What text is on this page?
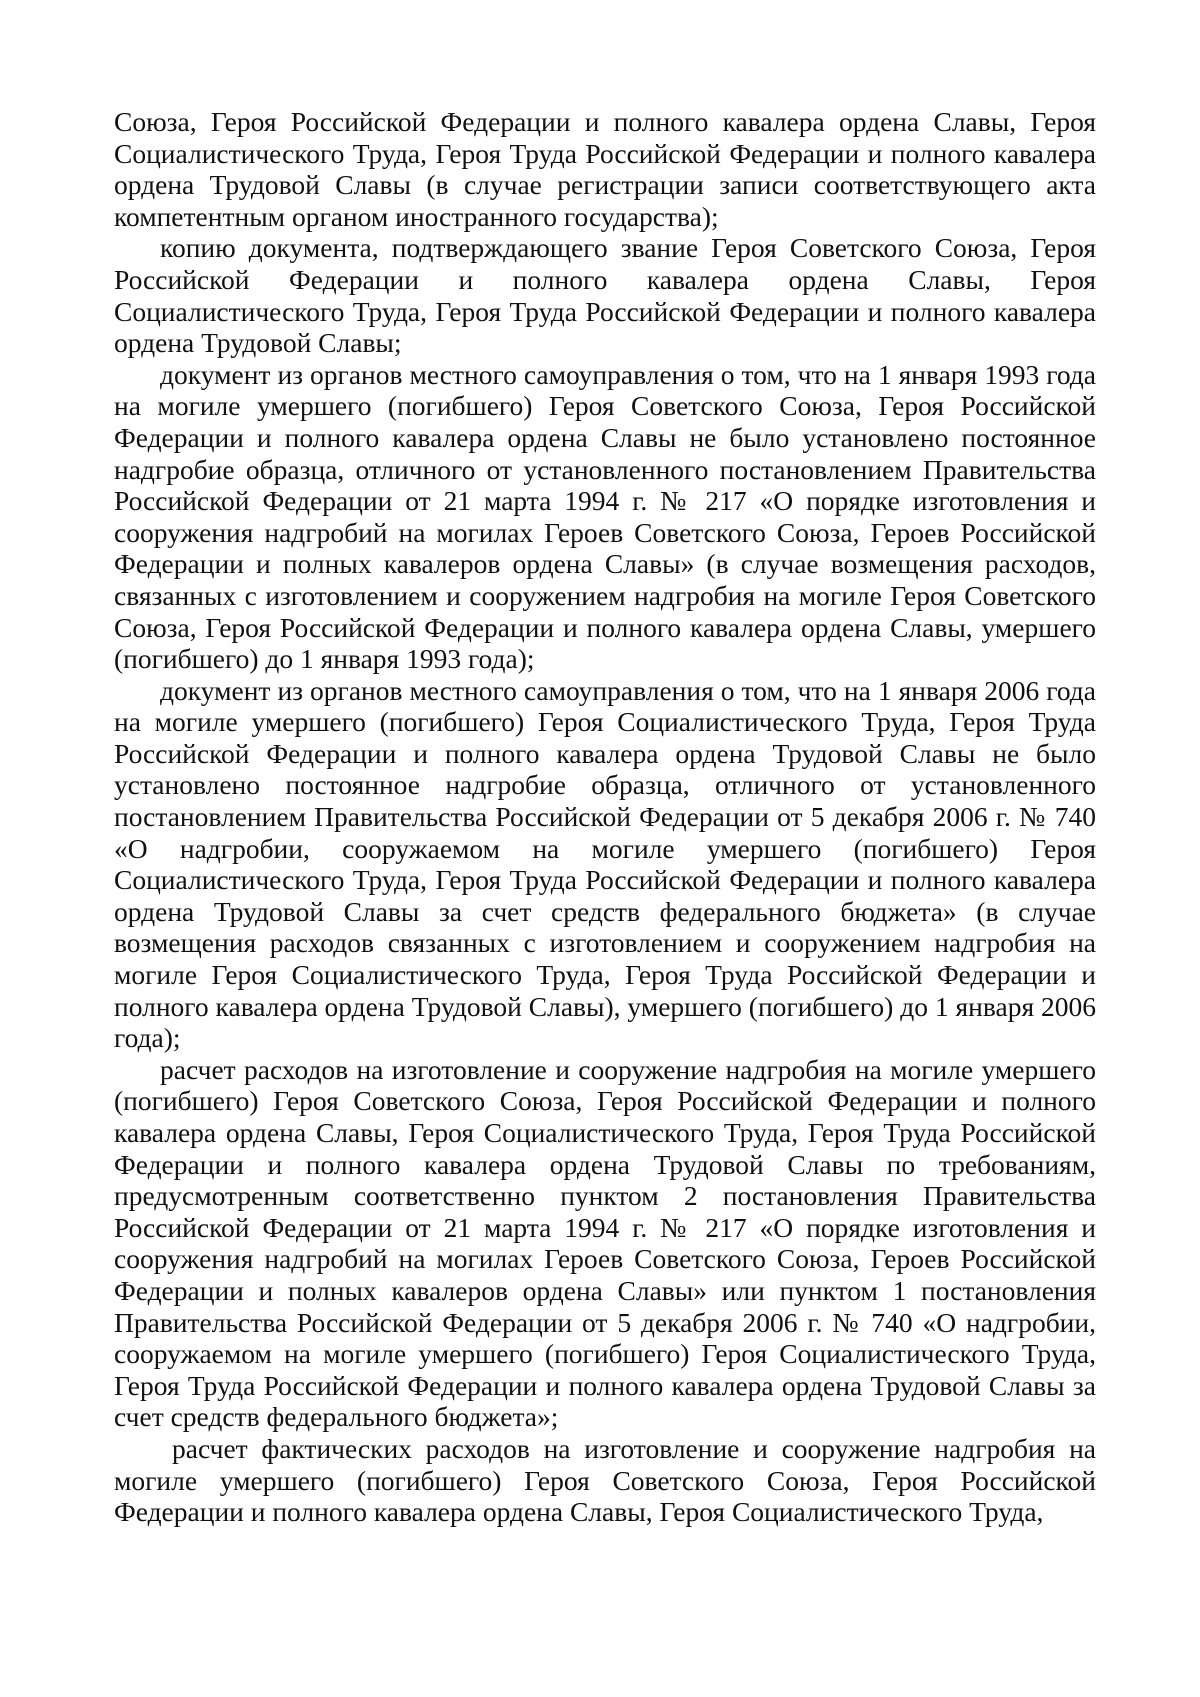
Союза, Героя Российской Федерации и полного кавалера ордена Славы, Героя Социалистического Труда, Героя Труда Российской Федерации и полного кавалера ордена Трудовой Славы (в случае регистрации записи соответствующего акта компетентным органом иностранного государства);

копию документа, подтверждающего звание Героя Советского Союза, Героя Российской Федерации и полного кавалера ордена Славы, Героя Социалистического Труда, Героя Труда Российской Федерации и полного кавалера ордена Трудовой Славы;

документ из органов местного самоуправления о том, что на 1 января 1993 года на могиле умершего (погибшего) Героя Советского Союза, Героя Российской Федерации и полного кавалера ордена Славы не было установлено постоянное надгробие образца, отличного от установленного постановлением Правительства Российской Федерации от 21 марта 1994 г. № 217 «О порядке изготовления и сооружения надгробий на могилах Героев Советского Союза, Героев Российской Федерации и полных кавалеров ордена Славы» (в случае возмещения расходов, связанных с изготовлением и сооружением надгробия на могиле Героя Советского Союза, Героя Российской Федерации и полного кавалера ордена Славы, умершего (погибшего) до 1 января 1993 года);

документ из органов местного самоуправления о том, что на 1 января 2006 года на могиле умершего (погибшего) Героя Социалистического Труда, Героя Труда Российской Федерации и полного кавалера ордена Трудовой Славы не было установлено постоянное надгробие образца, отличного от установленного постановлением Правительства Российской Федерации от 5 декабря 2006 г. № 740 «О надгробии, сооружаемом на могиле умершего (погибшего) Героя Социалистического Труда, Героя Труда Российской Федерации и полного кавалера ордена Трудовой Славы за счет средств федерального бюджета» (в случае возмещения расходов связанных с изготовлением и сооружением надгробия на могиле Героя Социалистического Труда, Героя Труда Российской Федерации и полного кавалера ордена Трудовой Славы), умершего (погибшего) до 1 января 2006 года);

расчет расходов на изготовление и сооружение надгробия на могиле умершего (погибшего) Героя Советского Союза, Героя Российской Федерации и полного кавалера ордена Славы, Героя Социалистического Труда, Героя Труда Российской Федерации и полного кавалера ордена Трудовой Славы по требованиям, предусмотренным соответственно пунктом 2 постановления Правительства Российской Федерации от 21 марта 1994 г. № 217 «О порядке изготовления и сооружения надгробий на могилах Героев Советского Союза, Героев Российской Федерации и полных кавалеров ордена Славы» или пунктом 1 постановления Правительства Российской Федерации от 5 декабря 2006 г. № 740 «О надгробии, сооружаемом на могиле умершего (погибшего) Героя Социалистического Труда, Героя Труда Российской Федерации и полного кавалера ордена Трудовой Славы за счет средств федерального бюджета»;

расчет фактических расходов на изготовление и сооружение надгробия на могиле умершего (погибшего) Героя Советского Союза, Героя Российской Федерации и полного кавалера ордена Славы, Героя Социалистического Труда,
